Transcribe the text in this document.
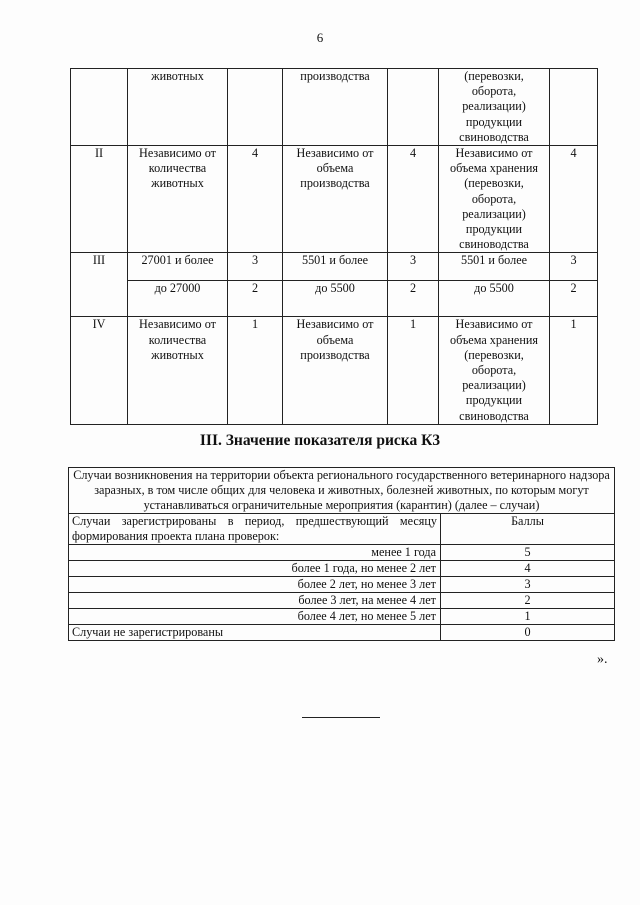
6
	животных		производства		(перевозки, оборота, реализации) продукции свиноводства	
II	Независимо от количества животных	4	Независимо от объема производства	4	Независимо от объема хранения (перевозки, оборота, реализации) продукции свиноводства	4
III	27001 и более	3	5501 и более	3	5501 и более	3
	до 27000	2	до 5500	2	до 5500	2
IV	Независимо от количества животных	1	Независимо от объема производства	1	Независимо от объема хранения (перевозки, оборота, реализации) продукции свиноводства	1
III. Значение показателя риска К3
Случаи возникновения на территории объекта регионального государственного ветеринарного надзора заразных, в том числе общих для человека и животных, болезней животных, по которым могут устанавливаться ограничительные мероприятия (карантин) (далее – случаи)	
Случаи зарегистрированы в период, предшествующий месяцу формирования проекта плана проверок:	Баллы
менее 1 года	5
более 1 года, но менее 2 лет	4
более 2 лет, но менее 3 лет	3
более 3 лет, на менее 4 лет	2
более 4 лет, но менее 5 лет	1
Случаи не зарегистрированы	0
».
